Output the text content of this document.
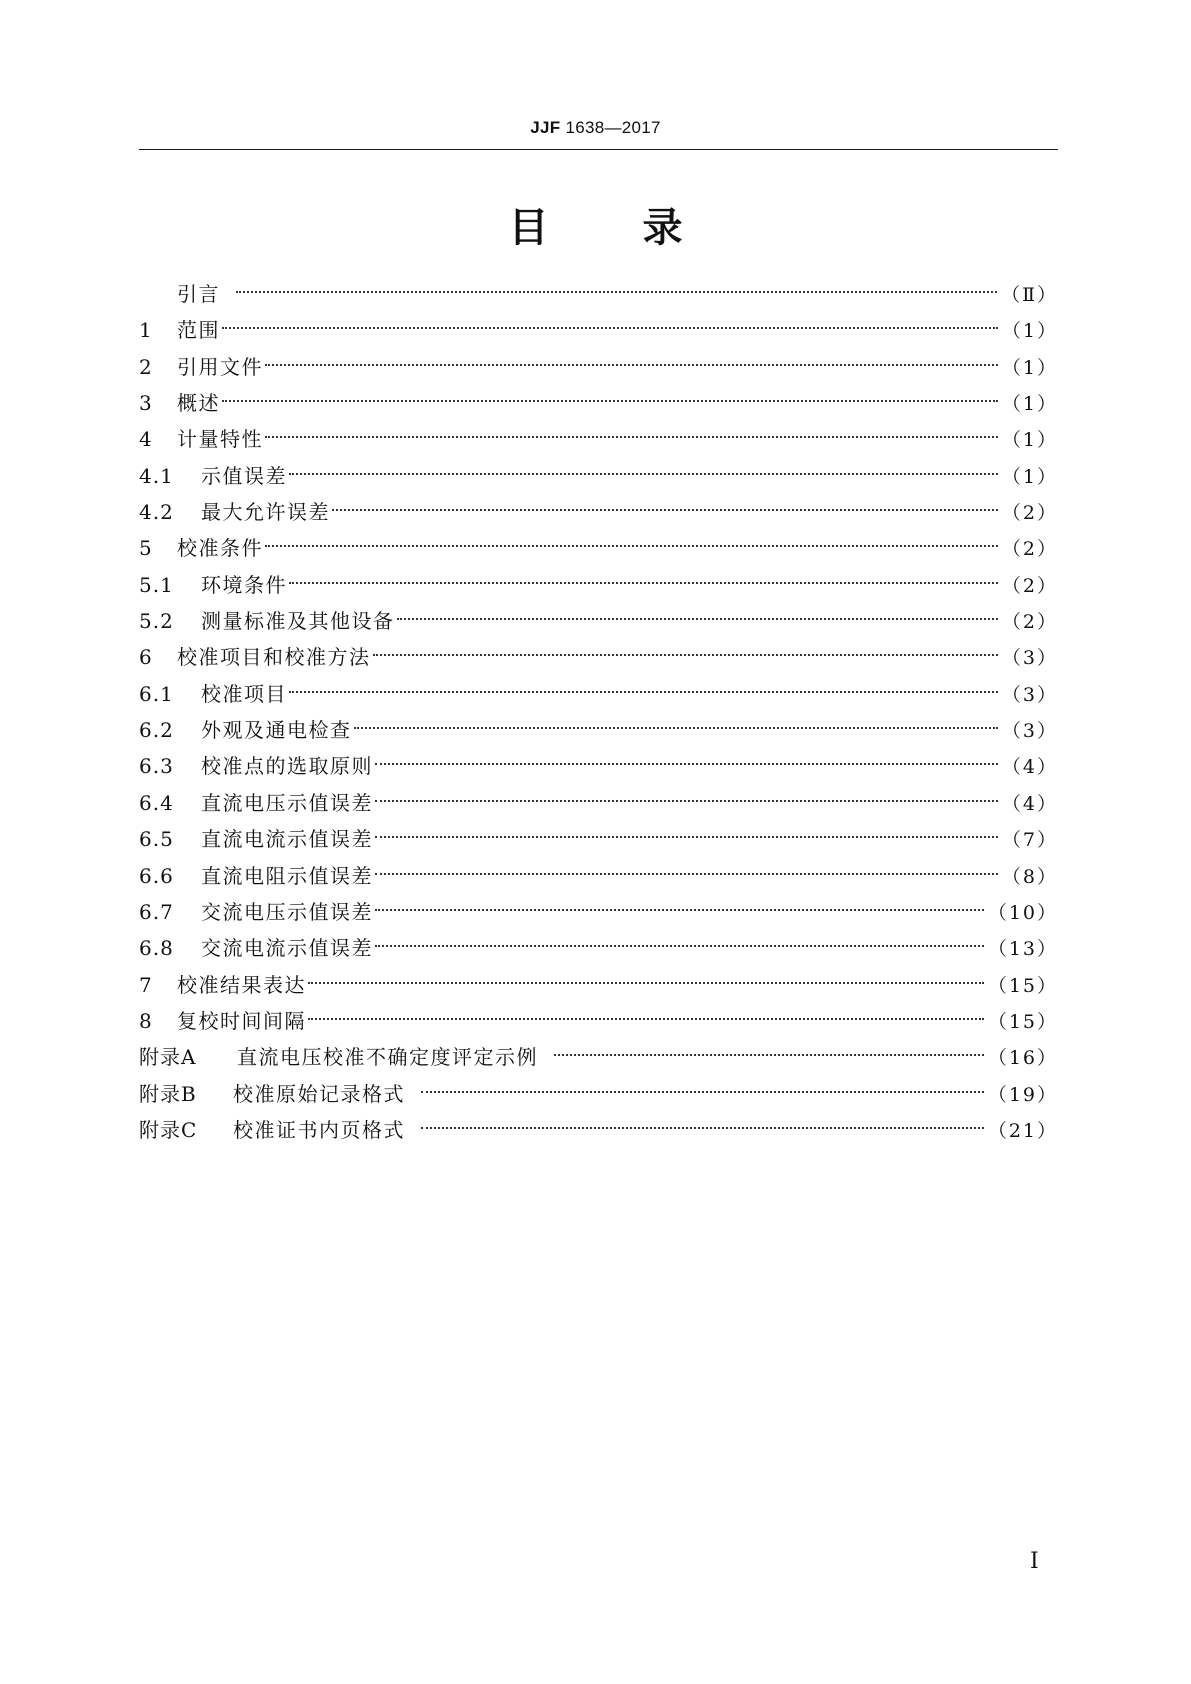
JJF 1638—2017
目 录
引言	（Ⅱ）
1	范围	（1）
2	引用文件	（1）
3	概述	（1）
4	计量特性	（1）
4.1	示值误差	（1）
4.2	最大允许误差	（2）
5	校准条件	（2）
5.1	环境条件	（2）
5.2	测量标准及其他设备	（2）
6	校准项目和校准方法	（3）
6.1	校准项目	（3）
6.2	外观及通电检查	（3）
6.3	校准点的选取原则	（4）
6.4	直流电压示值误差	（4）
6.5	直流电流示值误差	（7）
6.6	直流电阻示值误差	（8）
6.7	交流电压示值误差	（10）
6.8	交流电流示值误差	（13）
7	校准结果表达	（15）
8	复校时间间隔	（15）
附录A	直流电压校准不确定度评定示例	（16）
附录B	校准原始记录格式	（19）
附录C	校准证书内页格式	（21）
Ⅰ
